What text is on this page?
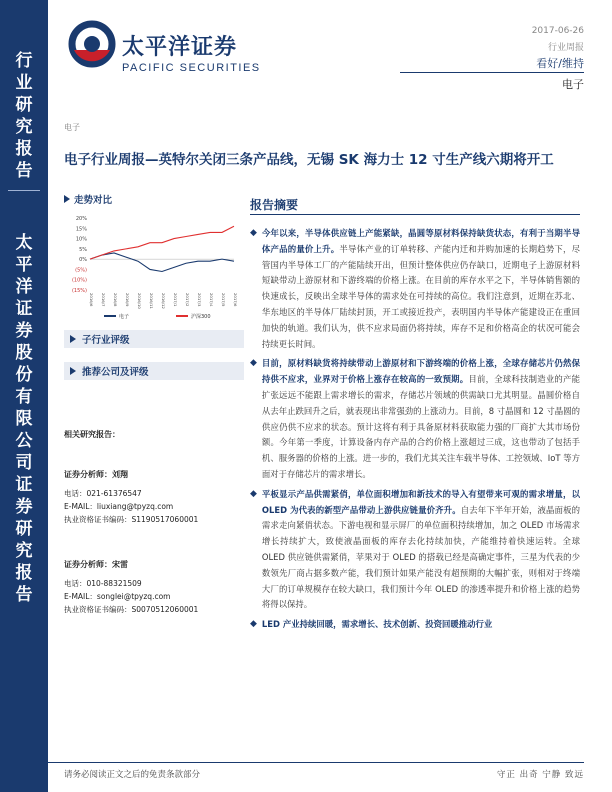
行业研究报告
太平洋证券股份有限公司证券研究报告
太平洋证券
PACIFIC SECURITIES
2017-06-26
行业周报
看好/维持
电子
电子
电子行业周报—英特尔关闭三条产品线，无锡 SK 海力士 12 寸生产线六期将开工
走势对比
20%
15%
10%
5%
0%
(5%)
(10%)
(15%)
2016/6 2016/7 2016/8 2016/9 2016/10 2016/11 2016/12 2017/1 2017/2 2017/3 2017/4 2017/5 2017/6
电子	沪深300
子行业评级
推荐公司及评级
相关研究报告：
证券分析师：刘翔
电话：021-61376547
E-MAIL：liuxiang@tpyzq.com
执业资格证书编码：S1190517060001
证券分析师：宋雷
电话：010-88321509
E-MAIL：songlei@tpyzq.com
执业资格证书编码：S0070512060001
报告摘要
◆ 今年以来，半导体供应链上产能紧缺，晶圆等原材料保持缺货状态，有利于当期半导体产品的量价上升。半导体产业的订单转移、产能内迁和并购加速的长期趋势下，尽管国内半导体工厂的产能陆续开出，但预计整体供应仍存缺口，近期电子上游原材料短缺带动上游原材和下游终端的价格上涨。在目前的库存水平之下，半导体销售额的快速成长，反映出全球半导体的需求处在可持续的高位。我们注意到，近期在苏北、华东地区的半导体厂陆续封顶，开工或接近投产，表明国内半导体产能建设正在重回加快的轨道。我们认为，供不应求局面仍将持续，库存不足和价格高企的状况可能会持续更长时间。
◆ 目前，原材料缺货将持续带动上游原材和下游终端的价格上涨，全球存储芯片仍然保持供不应求，业界对于价格上涨存在较高的一致预期。目前，全球科技制造业的产能扩张远远不能跟上需求增长的需求，存储芯片领域的供需缺口尤其明显。晶圆价格自从去年止跌回升之后，就表现出非常强劲的上涨动力。目前，8 寸晶圆和 12 寸晶圆的供应仍供不应求的状态。预计这将有利于具备原材料获取能力强的厂商扩大其市场份额。今年第一季度，计算设备内存产品的合约价格上涨超过三成，这也带动了包括手机、服务器的价格的上涨。进一步的，我们尤其关注车载半导体、工控领域、IoT 等方面对于存储芯片的需求增长。
◆ 平板显示产品供需紧俏，单位面积增加和新技术的导入有望带来可观的需求增量，以 OLED 为代表的新型产品带动上游供应链量价齐升。自去年下半年开始，液晶面板的需求走向紧俏状态。下游电视和显示屏厂的单位面积持续增加，加之 OLED 市场需求增长持续扩大，致使液晶面板的库存去化持续加快，产能维持着快速运转。全球 OLED 供应链供需紧俏，苹果对于 OLED 的搭载已经是高确定事件，三星为代表的少数领先厂商占据多数产能，我们预计如果产能没有超预期的大幅扩张，则相对于终端大厂的订单规模存在较大缺口，我们预计今年 OLED 的渗透率提升和价格上涨的趋势将得以保持。
◆ LED 产业持续回暖，需求增长、技术创新、投资回暖推动行业
请务必阅读正文之后的免责条款部分	守正 出奇 宁静 致远
